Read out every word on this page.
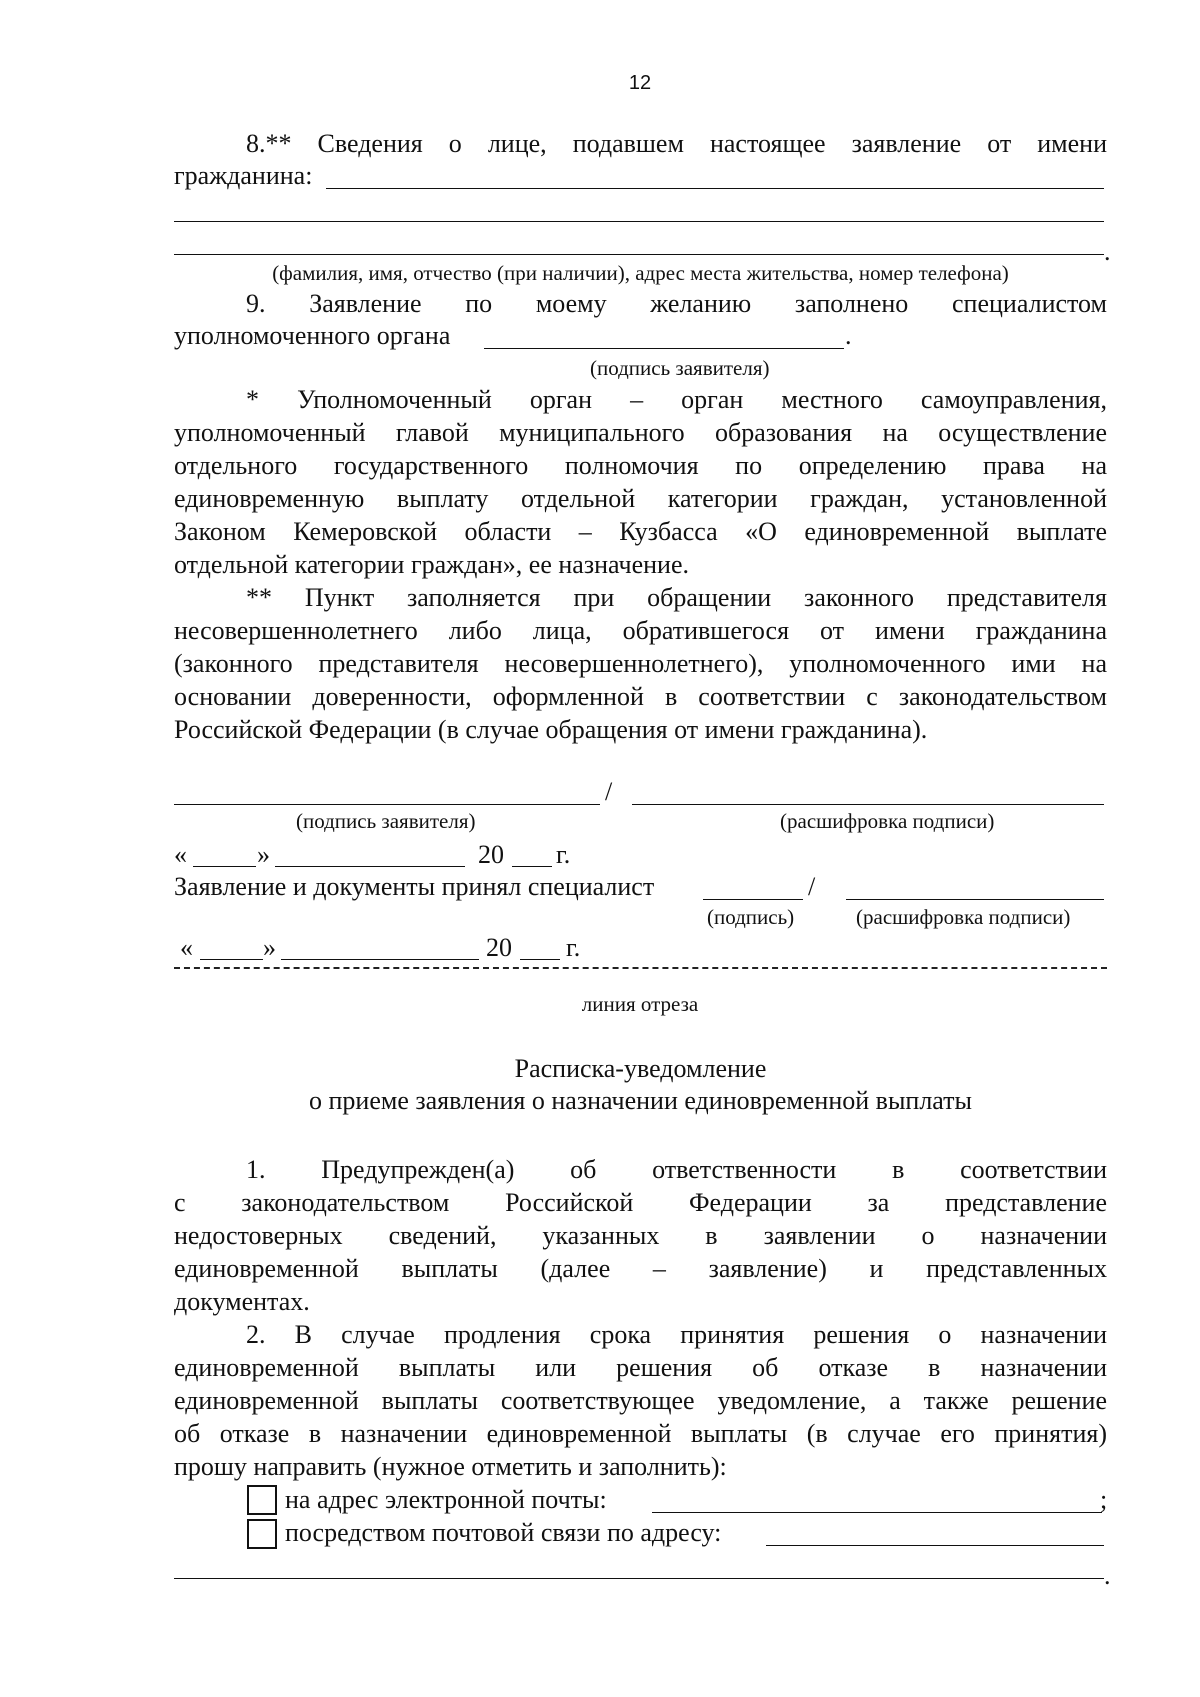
12
8.** Сведения о лице, подавшем настоящее заявление от имени
гражданина:
.
(фамилия, имя, отчество (при наличии), адрес места жительства, номер телефона)
9. Заявление по моему желанию заполнено специалистом
уполномоченного органа	.
(подпись заявителя)
* Уполномоченный орган – орган местного самоуправления,
уполномоченный главой муниципального образования на осуществление
отдельного государственного полномочия по определению права на
единовременную выплату отдельной категории граждан, установленной
Законом Кемеровской области – Кузбасса «О единовременной выплате
отдельной категории граждан», ее назначение.
** Пункт заполняется при обращении законного представителя
несовершеннолетнего либо лица, обратившегося от имени гражданина
(законного представителя несовершеннолетнего), уполномоченного ими на
основании доверенности, оформленной в соответствии с законодательством
Российской Федерации (в случае обращения от имени гражданина).
/
(подпись заявителя)	(расшифровка подписи)
«	»	20	г.
Заявление и документы принял специалист	/
(подпись)	(расшифровка подписи)
«	»	20	г.
линия отреза
Расписка-уведомление
о приеме заявления о назначении единовременной выплаты
1. Предупрежден(а) об ответственности в соответствии
с законодательством Российской Федерации за представление
недостоверных сведений, указанных в заявлении о назначении
единовременной выплаты (далее – заявление) и представленных
документах.
2. В случае продления срока принятия решения о назначении
единовременной выплаты или решения об отказе в назначении
единовременной выплаты соответствующее уведомление, а также решение
об отказе в назначении единовременной выплаты (в случае его принятия)
прошу направить (нужное отметить и заполнить):
на адрес электронной почты:	;
посредством почтовой связи по адресу:
.
